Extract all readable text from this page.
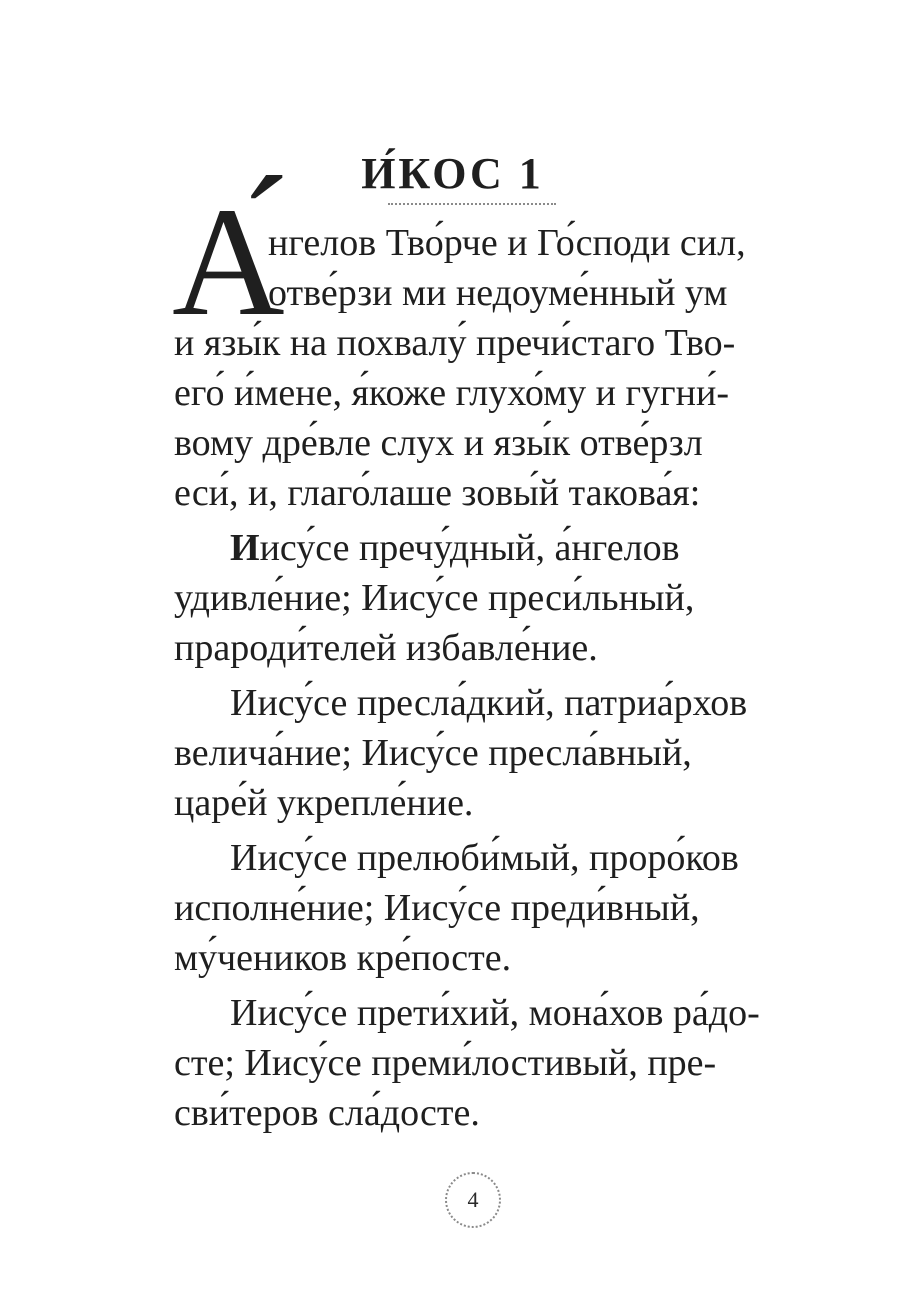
И́КОС 1
А́
нгелов Тво́рче и Го́споди сил,
отве́рзи ми недоуме́нный ум
и язы́к на похвалу́ пречи́стаго Тво-
его́ и́мене, я́коже глухо́му и гугни́-
вому дре́вле слух и язы́к отве́рзл
еси́, и, глаго́лаше зовы́й такова́я:
Иису́се пречу́дный, а́нгелов
удивле́ние; Иису́се преси́льный,
прароди́телей избавле́ние.
Иису́се пресла́дкий, патриа́рхов
велича́ние; Иису́се пресла́вный,
царе́й укрепле́ние.
Иису́се прелюби́мый, проро́ков
исполне́ние; Иису́се преди́вный,
му́чеников кре́посте.
Иису́се прети́хий, мона́хов ра́до-
сте; Иису́се преми́лостивый, пре-
сви́теров сла́досте.
4
